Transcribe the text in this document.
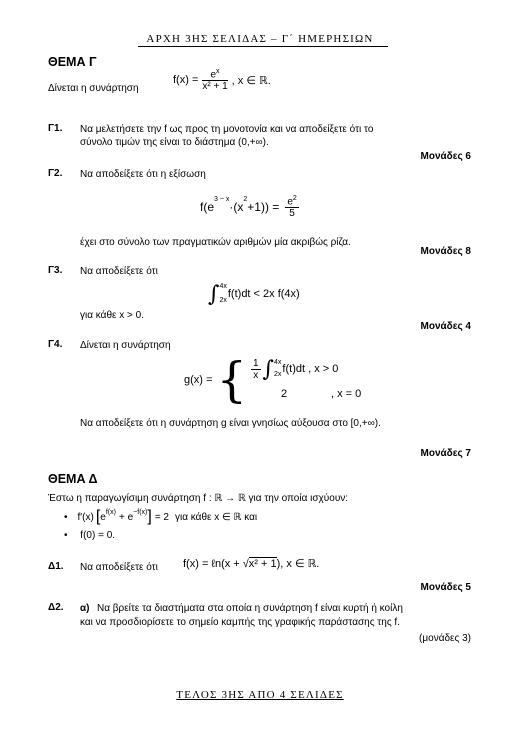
ΑΡΧΗ 3ΗΣ ΣΕΛΙΔΑΣ – Γ΄ ΗΜΕΡΗΣΙΩΝ
ΘΕΜΑ Γ
Δίνεται η συνάρτηση
$f(x) = \frac{e^x}{\text{x² + 1}}$ , x ∈ ℝ.
Γ1. Να μελετήσετε την f ως προς τη μονοτονία και να αποδείξετε ότι το
σύνολο τιμών της είναι το διάστημα (0,+∞).
Μονάδες 6
Γ2. Να αποδείξετε ότι η εξίσωση
f(e
$^{3 - x}$
·(x
$^2$
$+1)) = \frac{e^2}{5}$
έχει στο σύνολο των πραγματικών αριθμών μία ακριβώς ρίζα.
Μονάδες 8
Γ3. Να αποδείξετε ότι
∫ 4x
2x
f(t)dt < 2x f(4x)
για κάθε x > 0.
Μονάδες 4
Γ4. Δίνεται η συνάρτηση
g(x) = { $\frac{1}{x}$ ∫ 4x
2x f(t)dt , x > 0
2	, x = 0
Να αποδείξετε ότι η συνάρτηση g είναι γνησίως αύξουσα στο [0,+∞).
Μονάδες 7
ΘΕΜΑ Δ
Έστω η παραγωγίσιμη συνάρτηση f : ℝ → ℝ για την οποία ισχύουν:
• f′(x) [ $e^{f(x)} + e^{-f(x)}$ ] = 2 για κάθε x ∈ ℝ και
• f(0) = 0.
Δ1. Να αποδείξετε ότι f(x) = ℓn(x + √ x² + 1 ), x ∈ ℝ.
Μονάδες 5
Δ2. α) Να βρείτε τα διαστήματα στα οποία η συνάρτηση f είναι κυρτή ή κοίλη
και να προσδιορίσετε το σημείο καμπής της γραφικής παράστασης της f.
(μονάδες 3)
ΤΕΛΟΣ 3ΗΣ ΑΠΟ 4 ΣΕΛΙΔΕΣ
